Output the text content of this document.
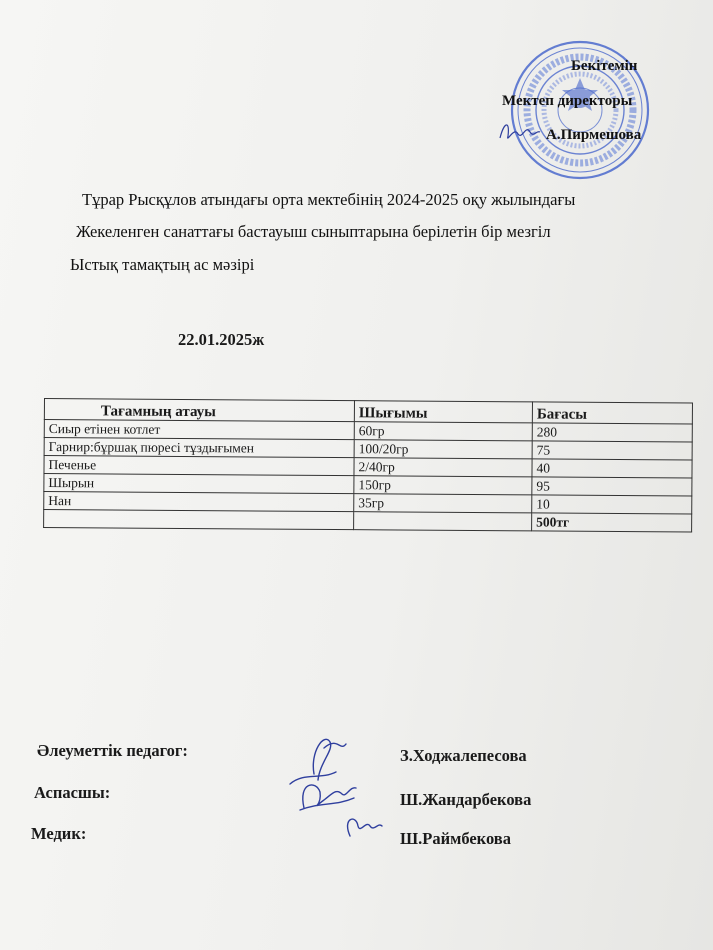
Бекітемін
Мектеп директоры
А.Пирмешова
Тұрар Рысқұлов атындағы орта мектебінің 2024-2025 оқу жылындағы
Жекеленген санаттағы бастауыш сыныптарына берілетін бір мезгіл
Ыстық тамақтың ас мәзірі
22.01.2025ж
Тағамның атауы	Шығымы	Бағасы
Сиыр етінен котлет	60гр	280
Гарнир:бұршақ пюресі тұздығымен	100/20гр	75
Печенье	2/40гр	40
Шырын	150гр	95
Нан	35гр	10
		500тг
Әлеуметтік педагог:	З.Ходжалепесова
Аспасшы:	Ш.Жандарбекова
Медик:	Ш.Раймбекова
